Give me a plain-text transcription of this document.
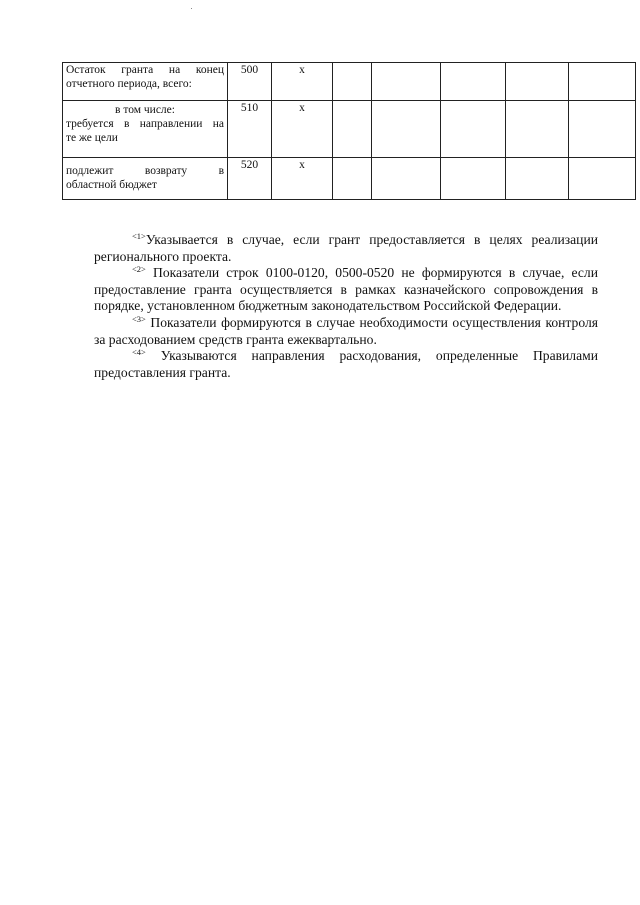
Остаток гранта на конец
отчетного периода, всего:	500	x					

в том числе:
требуется в направлении на
те же цели	510	x					

подлежит возврату в
областной бюджет	520	x					

$^{<1>}$Указывается в случае, если грант предоставляется в целях реализации регионального проекта.

$^{<2>}$ Показатели строк 0100-0120, 0500-0520 не формируются в случае, если предоставление гранта осуществляется в рамках казначейского сопровождения в порядке, установленном бюджетным законодательством Российской Федерации.

$^{<3>}$ Показатели формируются в случае необходимости осуществления контроля за расходованием средств гранта ежеквартально.

$^{<4>}$ Указываются направления расходования, определенные Правилами предоставления гранта.
